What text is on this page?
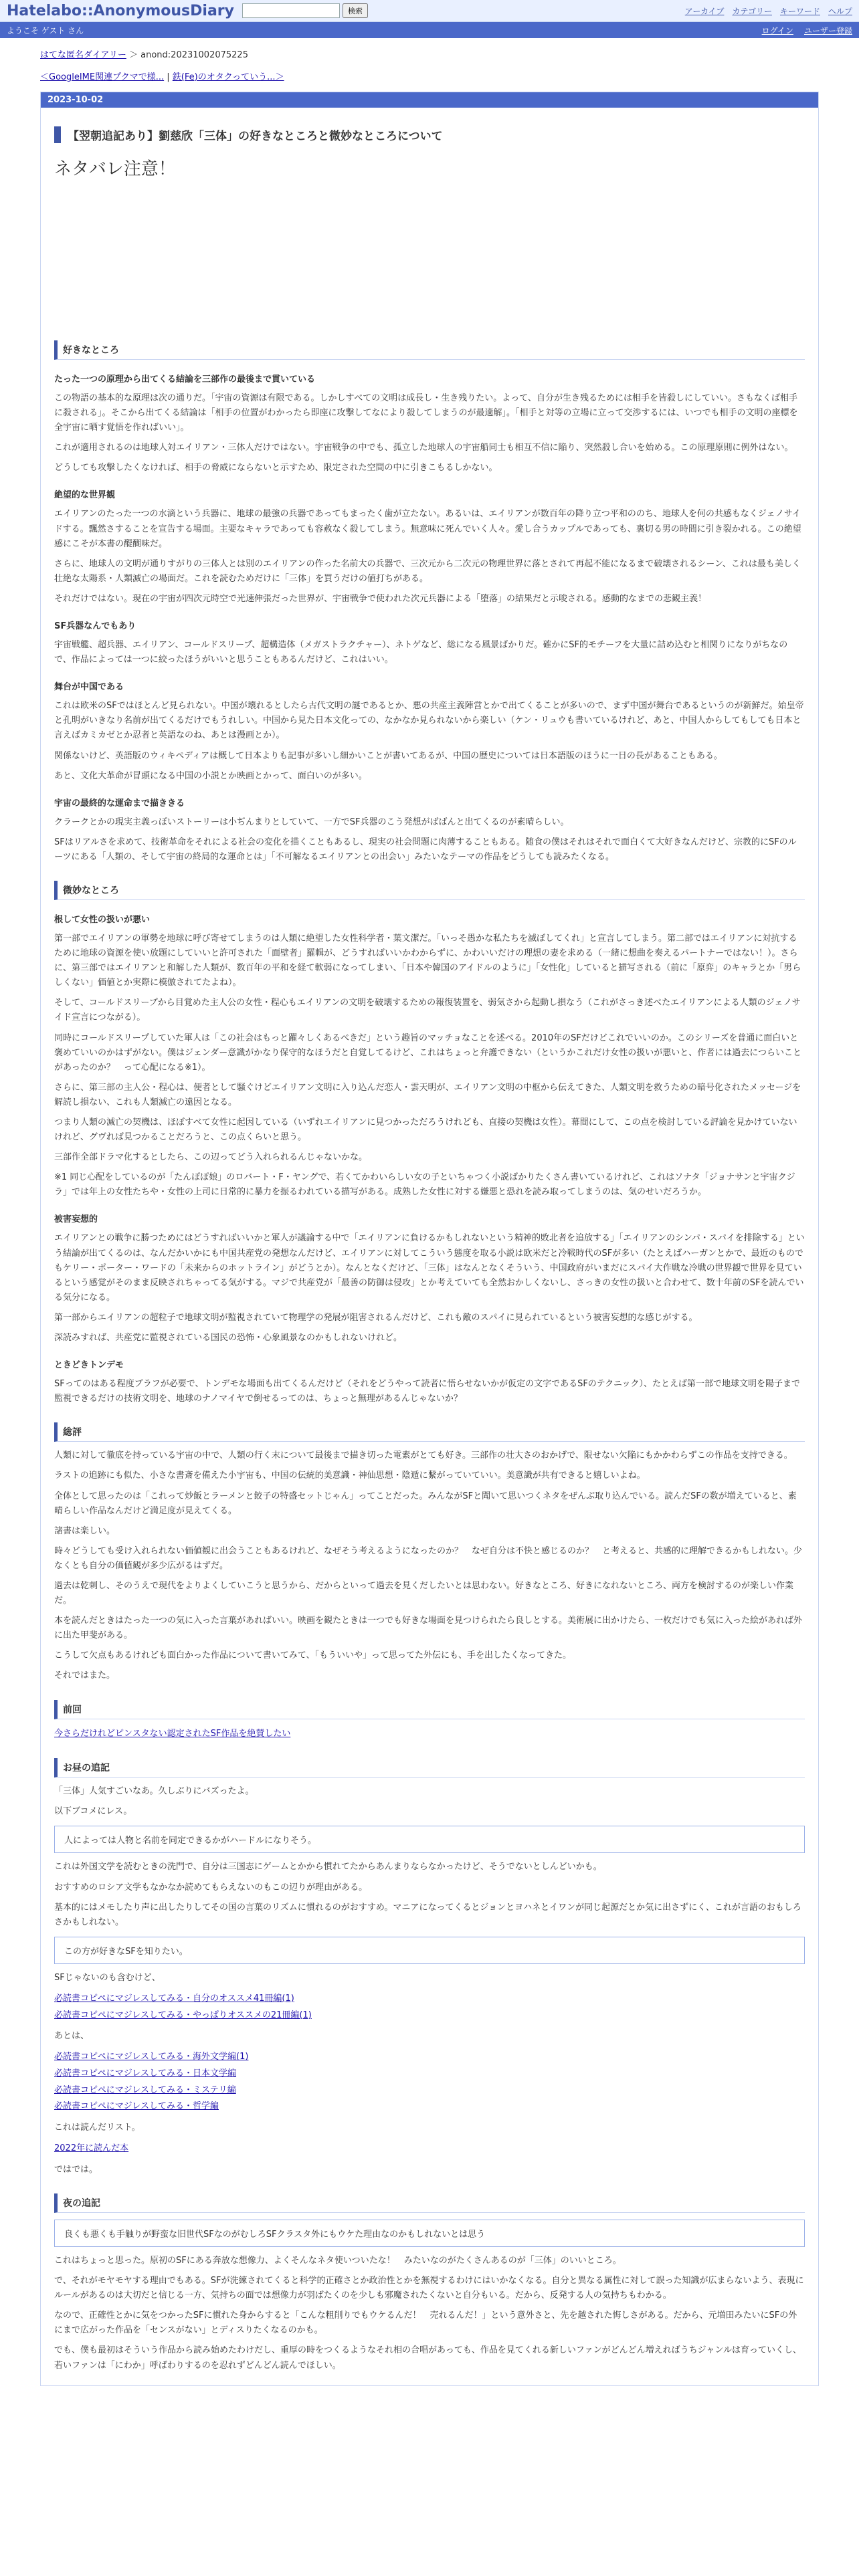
Hatelabo::AnonymousDiary	検索	アーカイブ カテゴリー キーワード ヘルプ
ようこそ ゲスト さん	ログイン ユーザー登録
はてな匿名ダイアリー ＞ anond:20231002075225
＜GoogleIME関連プクマで様... | 鉄(Fe)のオタクっていう...＞
2023-10-02
【翌朝追記あり】劉慈欣「三体」の好きなところと微妙なところについて
ネタバレ注意！
好きなところ
たった一つの原理から出てくる結論を三部作の最後まで貫いている

この物語の基本的な原理は次の通りだ。「宇宙の資源は有限である。しかしすべての文明は成長し・生き残りたい。よって、自分が生き残るためには相手を皆殺しにしていい。さもなくば相手に殺される」。そこから出てくる結論は「相手の位置がわかったら即座に攻撃してなにより殺してしまうのが最適解」。「相手と対等の立場に立って交渉するには、いつでも相手の文明の座標を全宇宙に晒す覚悟を作ればいい」。

これが適用されるのは地球人対エイリアン・三体人だけではない。宇宙戦争の中でも、孤立した地球人の宇宙船同士も相互不信に陥り、突然殺し合いを始める。この原理原則に例外はない。

どうしても攻撃したくなければ、相手の脅威にならないと示すため、限定された空間の中に引きこもるしかない。

絶望的な世界観

エイリアンのたった一つの水滴という兵器に、地球の最強の兵器であってもまったく歯が立たない。あるいは、エイリアンが数百年の降り立つ平和ののち、地球人を何の共感もなくジェノサイドする。飄然さすることを宣告する場面。主要なキャラであっても容赦なく殺してしまう。無意味に死んでいく人々。愛し合うカップルであっても、裏切る男の時間に引き裂かれる。この絶望感にこそが本書の醍醐味だ。

さらに、地球人の文明が通りすがりの三体人とは別のエイリアンの作った名前大の兵器で、三次元から二次元の物理世界に落とされて再起不能になるまで破壊されるシーン、これは最も美しく壮絶な太陽系・人類滅亡の場面だ。これを読むためだけに「三体」を買うだけの値打ちがある。

それだけではない。現在の宇宙が四次元時空で光速伸張だった世界が、宇宙戦争で使われた次元兵器による「堕落」の結果だと示唆される。感動的なまでの悲観主義！

SF兵器なんでもあり

宇宙戦艦、超兵器、エイリアン、コールドスリープ、超構造体（メガストラクチャー）、ネトゲなど、総になる風景ばかりだ。確かにSF的モチーフを大量に詰め込むと相関りになりがちなので、作品によっては一つに絞ったほうがいいと思うこともあるんだけど、これはいい。

舞台が中国である

これは欧米のSFではほとんど見られない。中国が壊れるとしたら古代文明の謎であるとか、悪の共産主義陣営とかで出てくることが多いので、まず中国が舞台であるというのが新鮮だ。始皇帝と孔明がいきなり名前が出てくるだけでもうれしい。中国から見た日本文化っての、なかなか見られないから楽しい（ケン・リュウも書いているけれど、あと、中国人からしてもしても日本と言えばカミカゼとか忍者と英語なのね、あとは漫画とか）。

関係ないけど、英語版のウィキペディアは概して日本よりも記事が多いし細かいことが書いてあるが、中国の歴史については日本語版のほうに一日の長があることもある。

あと、文化大革命が冒頭になる中国の小説とか映画とかって、面白いのが多い。

宇宙の最終的な運命まで描ききる

クラークとかの現実主義っぽいストーリーは小ぢんまりとしていて、一方でSF兵器のこう発想がばばんと出てくるのが素晴らしい。

SFはリアルさを求めて、技術革命をそれによる社会の変化を描くこともあるし、現実の社会問題に肉薄することもある。随食の僕はそれはそれで面白くて大好きなんだけど、宗教的にSFのルーツにある「人類の、そして宇宙の終局的な運命とは」「不可解なるエイリアンとの出会い」みたいなテーマの作品をどうしても読みたくなる。

微妙なところ
根して女性の扱いが悪い

第一部でエイリアンの軍勢を地球に呼び寄せてしまうのは人類に絶望した女性科学者・葉文潔だ。「いっそ愚かな私たちを滅ぼしてくれ」と宣言してしまう。第二部ではエイリアンに対抗するために地球の資源を使い放題にしていいと許可された「面壁者」羅輯が、どうすればいいかわからずに、かわいいだけの理想の妻を求める（一緒に想曲を奏えるパートナーではない！）。さらに、第三部ではエイリアンと和解した人類が、数百年の平和を経て軟弱になってしまい、「日本や韓国のアイドルのように」「女性化」していると描写される（前に「原弈」のキャラとか「男らしくない」価値とか実際に模倣されてたよね）。

そして、コールドスリープから目覚めた主人公の女性・程心もエイリアンの文明を破壊するための報復装置を、弱気さから起動し損なう（これがさっき述べたエイリアンによる人類のジェノサイド宣言につながる）。

同時にコールドスリープしていた軍人は「この社会はもっと躍々しくあるべきだ」という趣旨のマッチョなことを述べる。2010年のSFだけどこれでいいのか。このシリーズを普通に面白いと褒めていいのかはずがない。僕はジェンダー意識がかなり保守的なほうだと自覚してるけど、これはちょっと弁護できない（というかこれだけ女性の扱いが悪いと、作者には過去につらいことがあったのか？　って心配になる※1）。

さらに、第三部の主人公・程心は、便者として騒ぐけどエイリアン文明に入り込んだ恋人・雲天明が、エイリアン文明の中枢から伝えてきた、人類文明を救うための暗号化されたメッセージを解読し損ない、これも人類滅亡の遠因となる。

つまり人類の滅亡の契機は、ほぼすべて女性に起因している（いずれエイリアンに見つかっただろうけれども、直接の契機は女性）。幕間にして、この点を検討している評論を見かけていないけれど、グヴれば見つかることだろうと、この点くらいと思う。

三部作全部ドラマ化するとしたら、この辺ってどう入れられるんじゃないかな。

※1 同じ心配をしているのが「たんぽぽ娘」のロバート・F・ヤングで、若くてかわいらしい女の子といちゃつく小説ばかりたくさん書いているけれど、これはソナタ「ジョナサンと宇宙クジラ」では年上の女性たちや・女性の上司に日常的に暴力を振るわれている描写がある。成熟した女性に対する嫌悪と恐れを読み取ってしまうのは、気のせいだろうか。

被害妄想的

エイリアンとの戦争に勝つためにはどうすればいいかと軍人が議論する中で「エイリアンに負けるかもしれないという精神的敗北者を追放する」「エイリアンのシンパ・スパイを排除する」という結論が出てくるのは、なんだかいかにも中国共産党の発想なんだけど、エイリアンに対してこういう態度を取る小説は欧米だと冷戦時代のSFが多い（たとえばハーガンとかで、最近のものでもケリー・ポーター・ワードの「未来からのホットライン」がどうとか）。なんとなくだけど、「三体」はなんとなくそういう、中国政府がいまだにスパイ大作戦な冷戦の世界観で世界を見ているという感覚がそのまま反映されちゃってる気がする。マジで共産党が「最善の防御は侵攻」とか考えていても全然おかしくないし、さっきの女性の扱いと合わせて、数十年前のSFを読んでいる気分になる。

第一部からエイリアンの超粒子で地球文明が監視されていて物理学の発展が阻害されるんだけど、これも敵のスパイに見られているという被害妄想的な感じがする。

深読みすれば、共産党に監視されている国民の恐怖・心象風景なのかもしれないけれど。

ときどきトンデモ

SFってのはある程度ブラフが必要で、トンデモな場面も出てくるんだけど（それをどうやって読者に悟らせないかが仮定の文字であるSFのテクニック）、たとえば第一部で地球文明を陽子まで監視できるだけの技術文明を、地球のナノマイヤで倒せるってのは、ちょっと無理があるんじゃないか？

総評

人類に対して徹底を持っている宇宙の中で、人類の行く末について最後まで描き切った電素がとても好き。三部作の壮大さのおかげで、限せない欠陥にもかかわらずこの作品を支持できる。

ラストの追跡にも似た、小さな書斎を備えた小宇宙も、中国の伝統的美意識・神仙思想・陰遁に繋がっていていい。美意識が共有できると嬉しいよね。

全体として思ったのは「これって炒飯とラーメンと餃子の特盛セットじゃん」ってことだった。みんながSFと聞いて思いつくネタをぜんぶ取り込んでいる。読んだSFの数が増えていると、素晴らしい作品なんだけど満足度が見えてくる。

諸書は楽しい。

時々どうしても受け入れられない価値観に出会うこともあるけれど、なぜそう考えるようになったのか？　なぜ自分は不快と感じるのか？　と考えると、共感的に理解できるかもしれない。少なくとも自分の価値観が多少広がるはずだ。

過去は乾刺し、そのうえで現代をよりよくしていこうと思うから、だからといって過去を見くだしたいとは思わない。好きなところ、好きになれないところ、両方を検討するのが楽しい作業だ。

本を読んだときはたった一つの気に入った言葉があればいい。映画を観たときは一つでも好きな場面を見つけられたら良しとする。美術展に出かけたら、一枚だけでも気に入った絵があれば外に出た甲斐がある。

こうして欠点もあるけれども面白かった作品について書いてみて、「もういいや」って思ってた外伝にも、手を出したくなってきた。

それではまた。

前回
今さらだけれどピンスタない認定されたSF作品を絶賛したい
お昼の追記

「三体」人気すごいなあ。久しぶりにバズったよ。

以下ブコメにレス。

人によっては人物と名前を同定できるかがハードルになりそう。

これは外国文学を読むときの洗門で、自分は三国志にゲームとかから慣れてたからあんまりならなかったけど、そうでないとしんどいかも。

おすすめのロシア文学もなかなか読めてもらえないのもこの辺りが理由がある。

基本的にはメモしたり声に出したりしてその国の言葉のリズムに慣れるのがおすすめ。マニアになってくるとジョンとヨハネとイワンが同じ起源だとか気に出さずにく、これが言語のおもしろさかもしれない。

この方が好きなSFを知りたい。

SFじゃないのも含むけど、

必読書コピペにマジレスしてみる・自分のオススメ41冊編(1)
必読書コピペにマジレスしてみる・やっぱりオススメの21冊編(1)

あとは、

必読書コピペにマジレスしてみる・海外文学編(1)
必読書コピペにマジレスしてみる・日本文学編
必読書コピペにマジレスしてみる・ミステリ編
必読書コピペにマジレスしてみる・哲学編

これは読んだリスト。

2022年に読んだ本

ではでは。

夜の追記
良くも悪くも手触りが野蛮な旧世代SFなのがむしろSFクラスタ外にもウケた理由なのかもしれないとは思う

これはちょっと思った。原初のSFにある奔放な想像力、よくそんなネタ使いついたな！　みたいなのがたくさんあるのが「三体」のいいところ。

で、それがモヤモヤする理由でもある。SFが洗練されてくると科学的正確さとか政治性とかを無視するわけにはいかなくなる。自分と異なる属性に対して誤った知識が広まらないよう、表現にルールがあるのは大切だと信じる一方、気持ちの面では想像力が羽ばたくのを少しも邪魔されたくないと自分もいる。だから、反発する人の気持ちもわかる。

なので、正確性とかに気をつかったSFに慣れた身からすると「こんな粗削りでもウケるんだ！　売れるんだ！」という意外さと、先を越された悔しさがある。だから、元増田みたいにSFの外にまで広がった作品を「センスがない」とディスりたくなるのかも。

でも、僕も最初はそういう作品から読み始めたわけだし、重厚の時をつくるようなそれ相の合唱があっても、作品を見てくれる新しいファンがどんどん増えればうちジャンルは育っていくし、若いファンは「にわか」呼ばわりするのを忍れずどんどん読んでほしい。
